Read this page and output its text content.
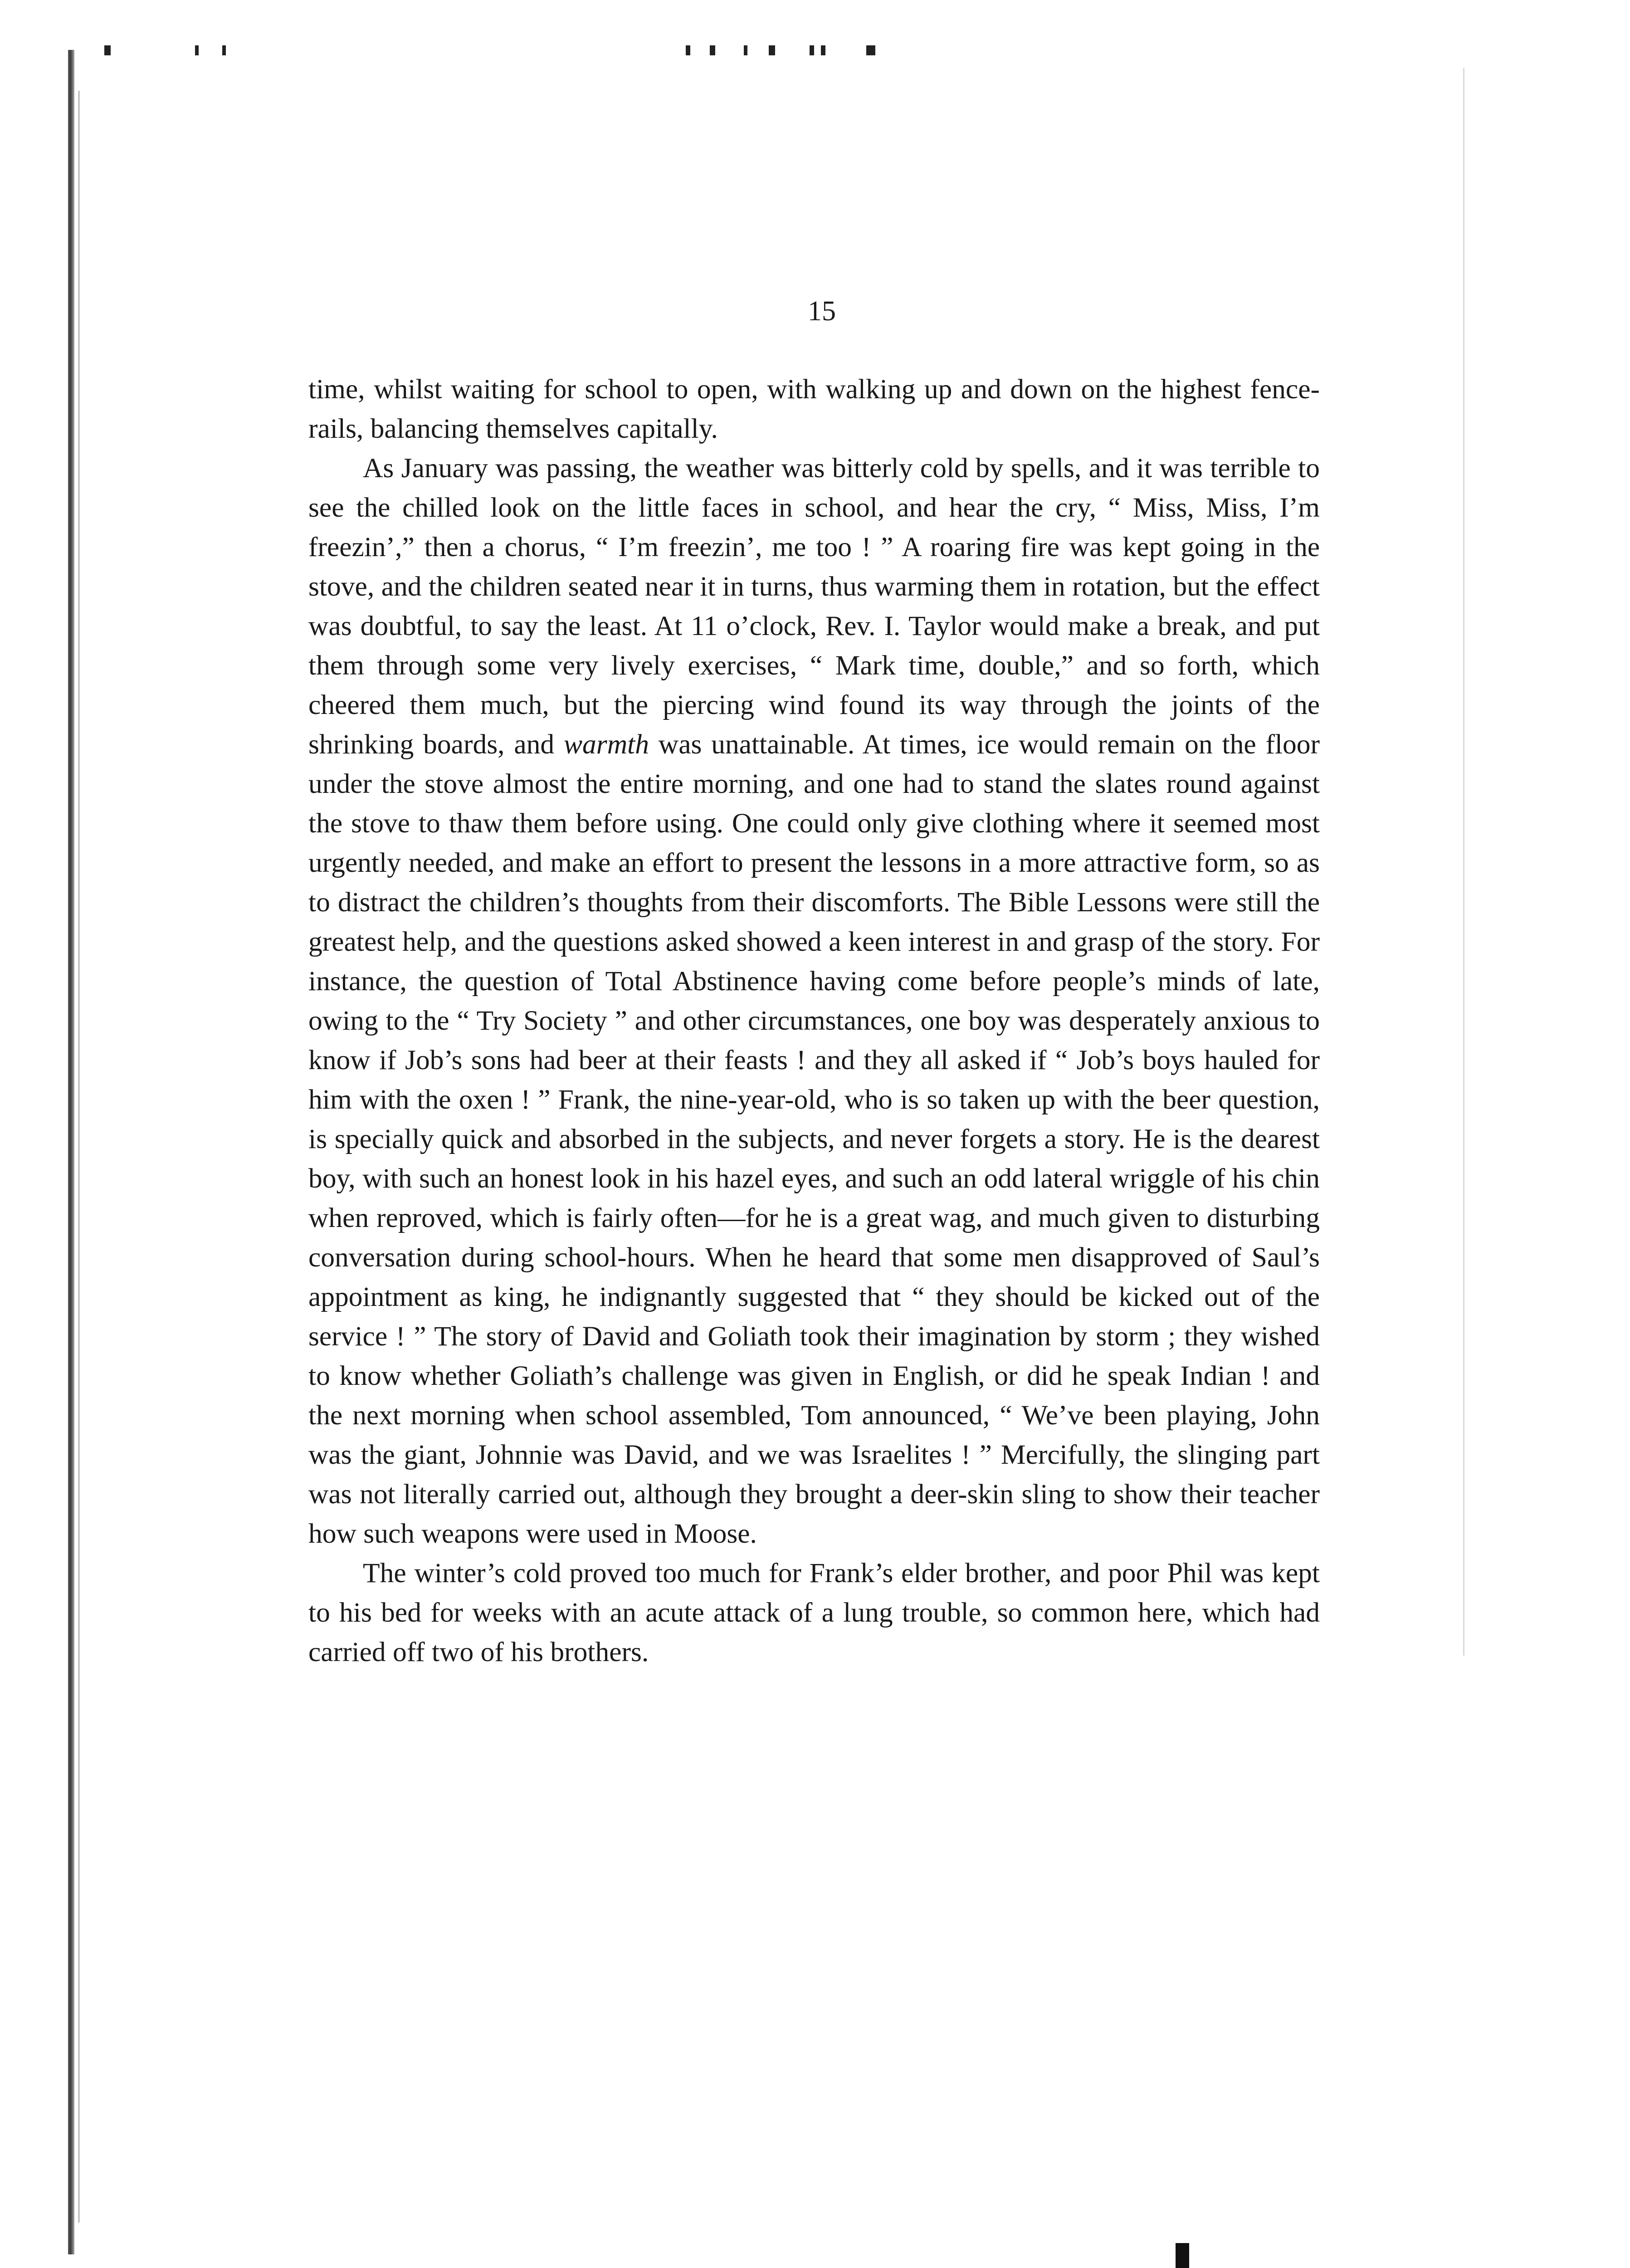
15

time, whilst waiting for school to open, with walking up and down on the highest fence-rails, balancing themselves capitally.

As January was passing, the weather was bitterly cold by spells, and it was terrible to see the chilled look on the little faces in school, and hear the cry, “ Miss, Miss, I’m freezin’,” then a chorus, “ I’m freezin’, me too ! ” A roaring fire was kept going in the stove, and the children seated near it in turns, thus warming them in rotation, but the effect was doubtful, to say the least. At 11 o’clock, Rev. I. Taylor would make a break, and put them through some very lively exercises, “ Mark time, double,” and so forth, which cheered them much, but the piercing wind found its way through the joints of the shrinking boards, and warmth was unattainable. At times, ice would remain on the floor under the stove almost the entire morning, and one had to stand the slates round against the stove to thaw them before using. One could only give clothing where it seemed most urgently needed, and make an effort to present the lessons in a more attractive form, so as to distract the children’s thoughts from their discomforts. The Bible Lessons were still the greatest help, and the questions asked showed a keen interest in and grasp of the story. For instance, the question of Total Abstinence having come before people’s minds of late, owing to the “ Try Society ” and other circumstances, one boy was desperately anxious to know if Job’s sons had beer at their feasts ! and they all asked if “ Job’s boys hauled for him with the oxen ! ” Frank, the nine-year-old, who is so taken up with the beer question, is specially quick and absorbed in the subjects, and never forgets a story. He is the dearest boy, with such an honest look in his hazel eyes, and such an odd lateral wriggle of his chin when reproved, which is fairly often—for he is a great wag, and much given to disturbing conversation during school-hours. When he heard that some men disapproved of Saul’s appointment as king, he indignantly suggested that “ they should be kicked out of the service ! ” The story of David and Goliath took their imagination by storm ; they wished to know whether Goliath’s challenge was given in English, or did he speak Indian ! and the next morning when school assembled, Tom announced, “ We’ve been playing, John was the giant, Johnnie was David, and we was Israelites ! ” Mercifully, the slinging part was not literally carried out, although they brought a deer-skin sling to show their teacher how such weapons were used in Moose.

The winter’s cold proved too much for Frank’s elder brother, and poor Phil was kept to his bed for weeks with an acute attack of a lung trouble, so common here, which had carried off two of his brothers.
